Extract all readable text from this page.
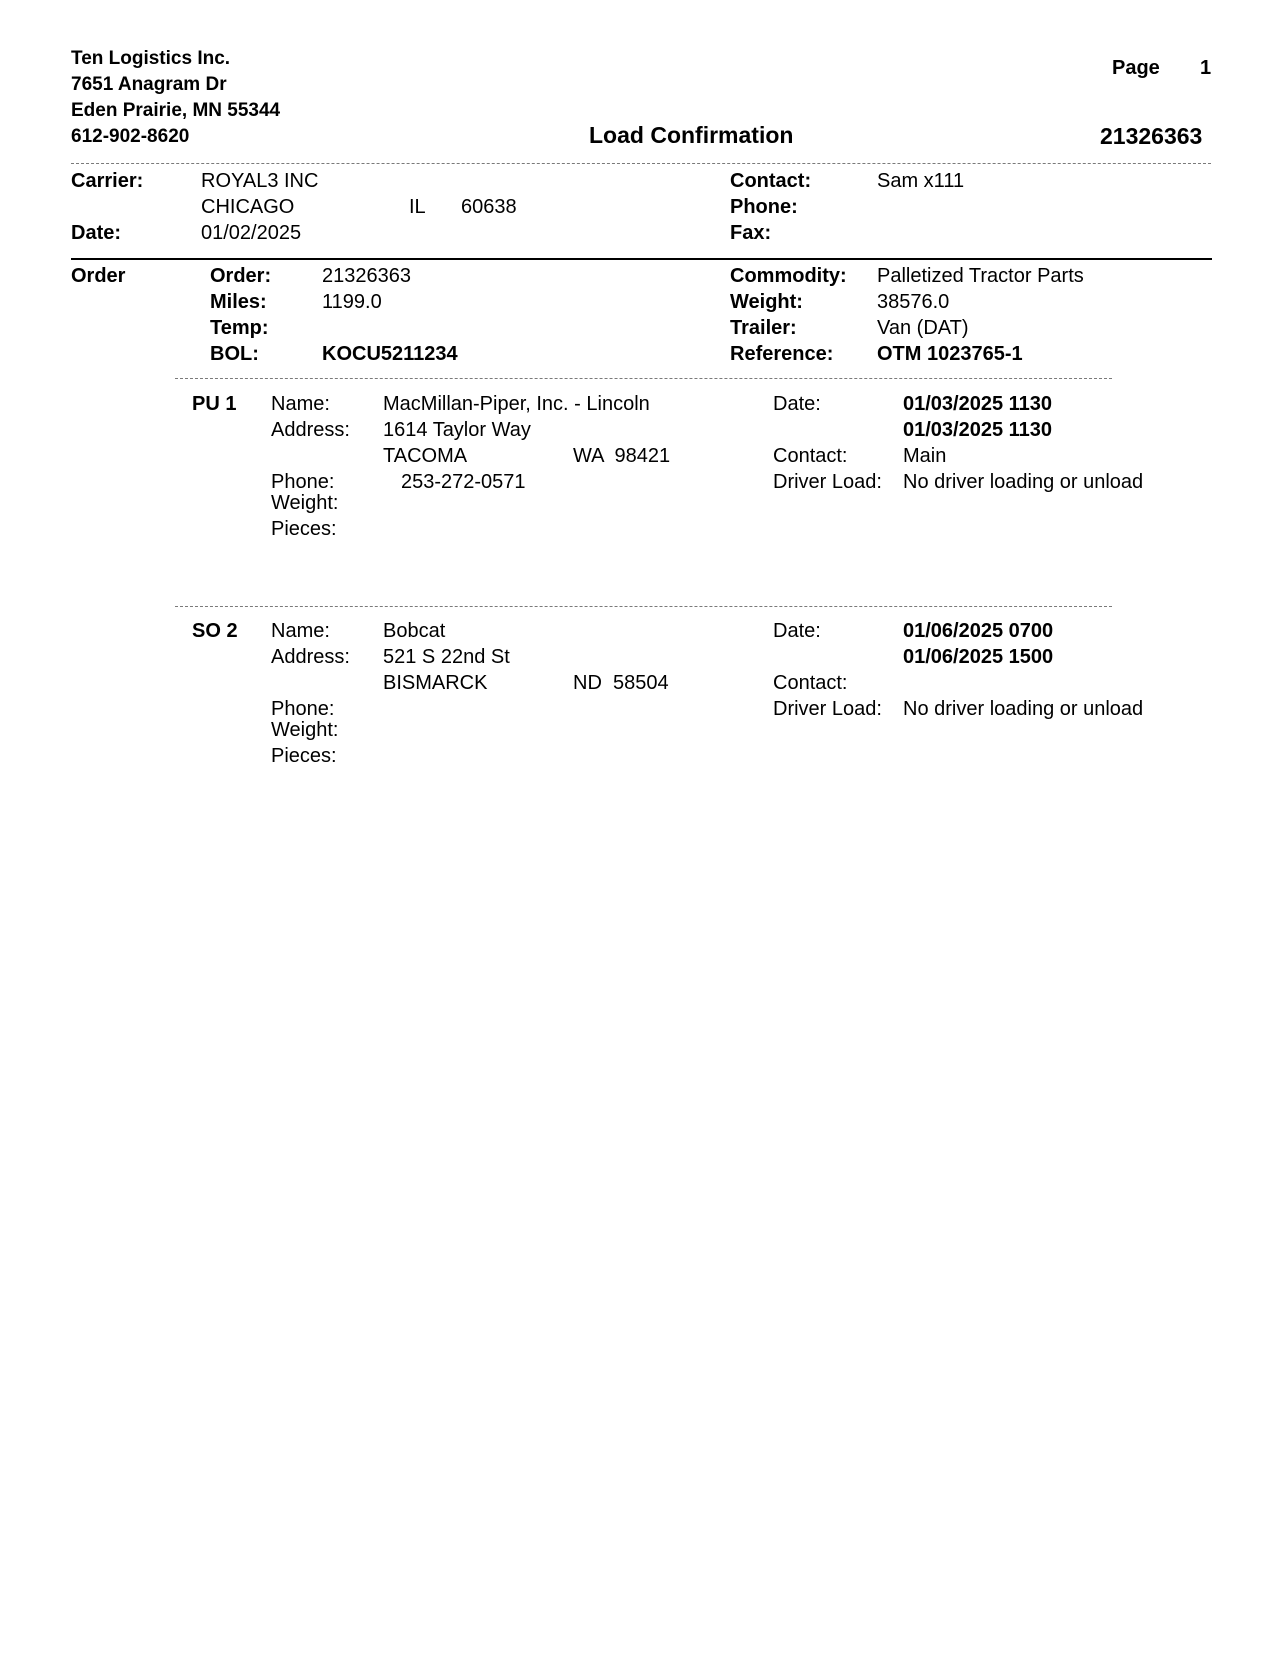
Ten Logistics Inc.
7651 Anagram Dr
Eden Prairie, MN 55344
612-902-8620
Page 1
Load Confirmation	21326363
Carrier:	ROYAL3 INC
CHICAGO	IL 60638
Date:	01/02/2025
Contact:	Sam x111
Phone:
Fax:
Order	Order:	21326363
Miles:	1199.0
Temp:
BOL:	KOCU5211234
Commodity: Palletized Tractor Parts
Weight:	38576.0
Trailer:	Van (DAT)
Reference: OTM 1023765-1
PU 1 Name:	MacMillan-Piper, Inc. - Lincoln
Address: 1614 Taylor Way
TACOMA	WA  98421
Phone:	253-272-0571
Weight:
Pieces:
Date:	01/03/2025 1130
01/03/2025 1130
Contact:	Main
Driver Load: No driver loading or unload
SO 2 Name:	Bobcat
Address: 521 S 22nd St
BISMARCK	ND  58504
Phone:
Weight:
Pieces:
Date:	01/06/2025 0700
01/06/2025 1500
Contact:
Driver Load: No driver loading or unload
